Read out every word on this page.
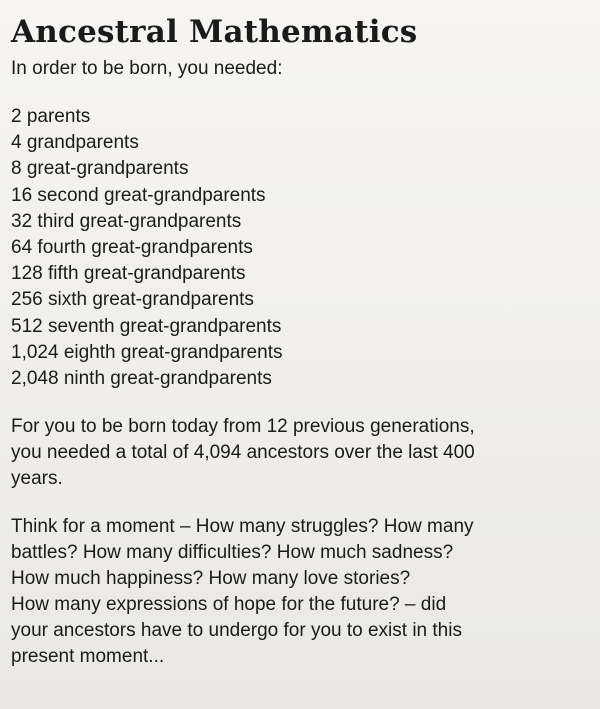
Ancestral Mathematics

In order to be born, you needed:

2 parents
4 grandparents
8 great-grandparents
16 second great-grandparents
32 third great-grandparents
64 fourth great-grandparents
128 fifth great-grandparents
256 sixth great-grandparents
512 seventh great-grandparents
1,024 eighth great-grandparents
2,048 ninth great-grandparents

For you to be born today from 12 previous generations,
you needed a total of 4,094 ancestors over the last 400
years.

Think for a moment – How many struggles? How many
battles? How many difficulties? How much sadness?
How much happiness? How many love stories?
How many expressions of hope for the future? – did
your ancestors have to undergo for you to exist in this
present moment...
